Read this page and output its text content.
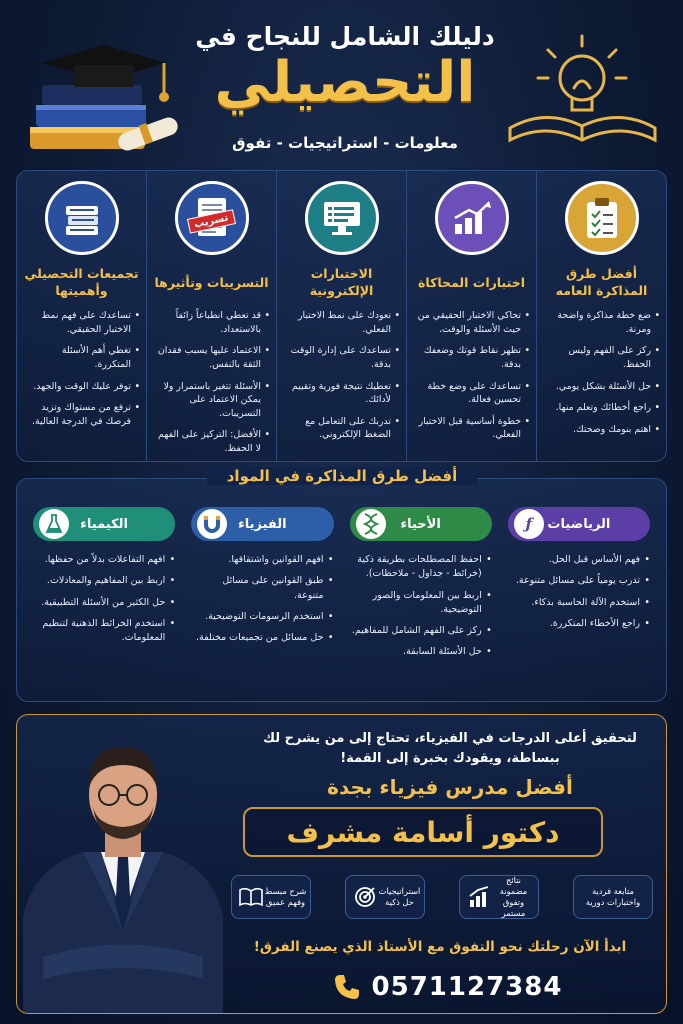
دليلك الشامل للنجاح في
التحصيلي
معلومات - استراتيجيات - تفوق
أفضل طرق المذاكرة العامه
• ضع خطة مذاكرة واضحة ومرنة.
• ركز على الفهم وليس الحفظ.
• حل الأسئلة بشكل يومي.
• راجع أخطائك وتعلم منها.
• اهتم بنومك وصحتك.
اختبارات المحاكاة
• تحاكي الاختبار الحقيقي من حيث الأسئلة والوقت.
• تظهر نقاط قوتك وضعفك بدقة.
• تساعدك على وضع خطة تحسين فعالة.
• خطوة أساسية قبل الاختبار الفعلي.
الاختبارات الإلكترونية
• تعودك على نمط الاختبار الفعلي.
• تساعدك على إدارة الوقت بدقة.
• تعطيك نتيجة فورية وتقييم لأدائك.
• تدربك على التعامل مع الضغط الإلكتروني.
تسريب
التسريبات وتأثيرها
• قد تعطي انطباعاً زائفاً بالاستعداد.
• الاعتماد عليها يسبب فقدان الثقة بالنفس.
• الأسئلة تتغير باستمرار ولا يمكن الاعتماد على التسريبات.
• الأفضل: التركيز على الفهم لا الحفظ.
تجميعات التحصيلي وأهميتها
• تساعدك على فهم نمط الاختبار الحقيقي.
• تغطي أهم الأسئلة المتكررة.
• توفر عليك الوقت والجهد.
• ترفع من مستواك وتزيد فرصك في الدرجة العالية.
أفضل طرق المذاكرة في المواد
الرياضيات
ƒ
• فهم الأساس قبل الحل.
• تدرب يومياً على مسائل متنوعة.
• استخدم الآلة الحاسبة بذكاء.
• راجع الأخطاء المتكررة.
الأحياء
• احفظ المصطلحات بطريقة ذكية (خرائط - جداول - ملاحظات).
• اربط بين المعلومات والصور التوضيحية.
• ركز على الفهم الشامل للمفاهيم.
• حل الأسئلة السابقة.
الفيزياء
• افهم القوانين واشتقاقها.
• طبق القوانين على مسائل متنوعة.
• استخدم الرسومات التوضيحية.
• حل مسائل من تجميعات مختلفة.
الكيمياء
• افهم التفاعلات بدلاً من حفظها.
• اربط بين المفاهيم والمعادلات.
• حل الكثير من الأسئلة التطبيقية.
• استخدم الخرائط الذهنية لتنظيم المعلومات.
لتحقيق أعلى الدرجات في الفيزياء، تحتاج إلى من يشرح لك ببساطة، ويقودك بخبرة إلى القمة!
أفضل مدرس فيزياء بجدة
دكتور أسامة مشرف
متابعة فردية واختبارات دورية
نتائج مضمونة وتفوق مستمر
استراتيجيات حل ذكية
شرح مبسط وفهم عميق
ابدأ الآن رحلتك نحو التفوق مع الأستاذ الذي يصنع الفرق!
0571127384
